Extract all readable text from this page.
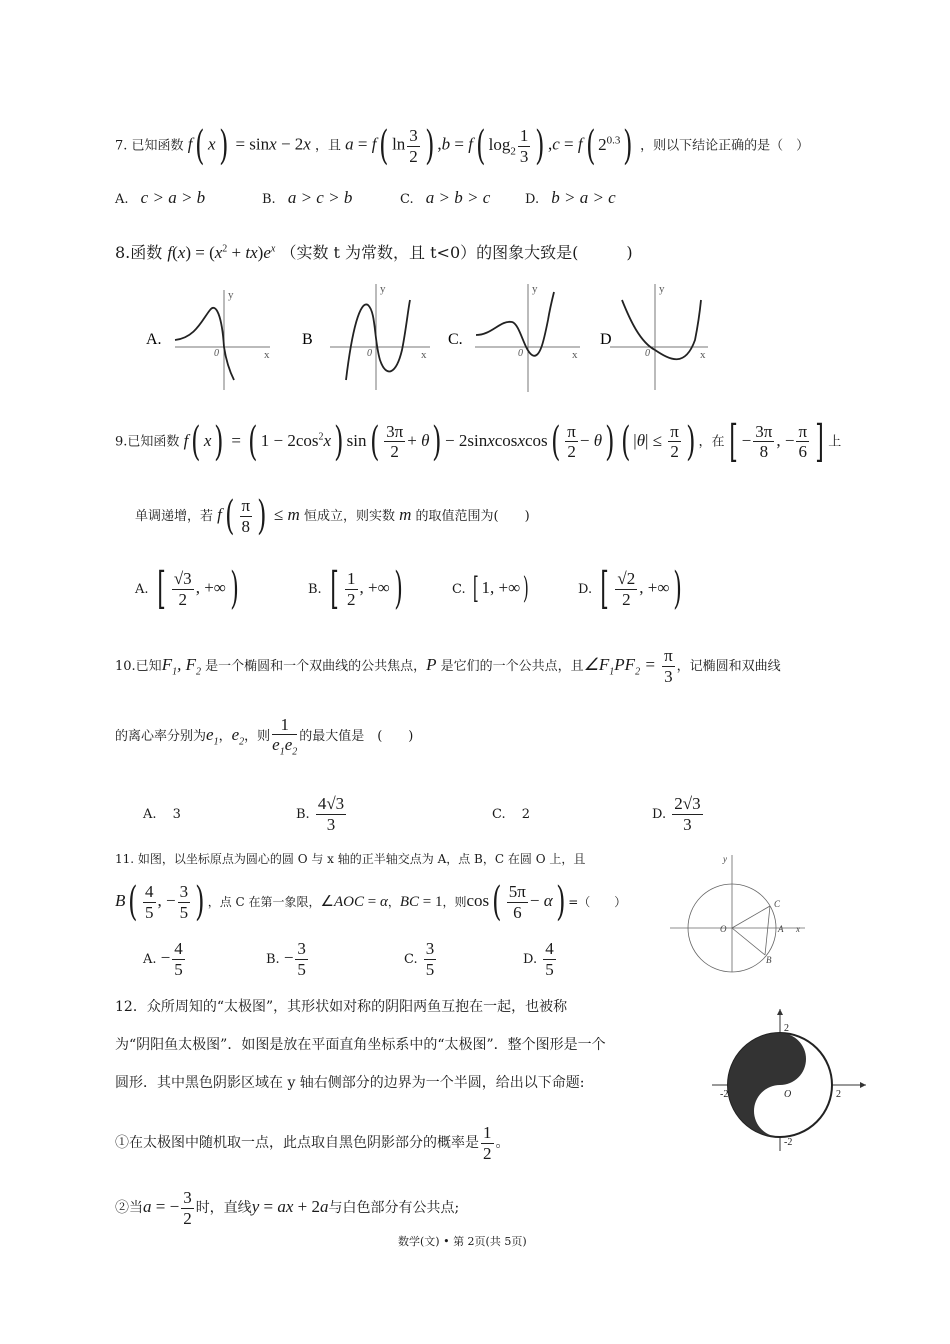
7. 已知函数 f( x) = sinx − 2x ，且 a = f( $\ln \frac{3}{2}$ ) ,b = f( $\log_2 \frac{1}{3}$ ) ,c = f( $2^{0.3}$) ，则以下结论正确的是（　）
A. c > a > b	B. a > c > b	C. a > b > c	D. b > a > c
8.函数 $f(x) = (x^2 + tx)e^x$ （实数 t 为常数，且 t<0）的图象大致是(　　　)
A.
x
y
0
B
x
y
0
C.
x
y
0
D
x
y
0
9.已知函数 f( x) = ( $1 - 2\cos^2x$) $\sin( \frac{3\pi}{2} + \theta)$ − 2sinxcosxcos( $\frac{\pi}{2} - \theta$) ( $|\theta| \le \frac{\pi}{2}$ ) ，在[ − $\frac{3\pi}{8}$ , − $\frac{\pi}{6}$ ] 上
单调递增，若 $f( \frac{\pi}{8}$ ) ≤ m 恒成立，则实数 m 的取值范围为(　　)
A. [ $\frac{√3}{2}$ , +∞)	B. [ $\frac{1}{2}$ , +∞)	C. [ 1, +∞)	D. [ $\frac{√2}{2}$ , +∞)
10.已知$F_1$, $F_2$ 是一个椭圆和一个双曲线的公共焦点，P 是它们的一个公共点，且$\angle F_1PF_2 = \frac{\pi}{3}$ ，记椭圆和双曲线
的离心率分别为$e_1$，$e_2$，则 $\frac{1}{e_1e_2}$ 的最大值是　(　　)
A. 3	B. $\frac{4√3}{3}$	C. 2	D. $\frac{2√3}{3}$
11. 如图，以坐标原点为圆心的圆 O 与 x 轴的正半轴交点为 A，点 B，C 在圆 O 上，且
$B( \frac{4}{5}$ , − $\frac{3}{5}$ ) ，点 C 在第一象限，∠AOC = α，BC = 1，则$\cos( \frac{5\pi}{6} - \alpha)$ =（　　）
A. − $\frac{4}{5}$	B. − $\frac{3}{5}$	C. $\frac{3}{5}$	D. $\frac{4}{5}$
x
y
O
C
A
B
12．众所周知的“太极图”，其形状如对称的阴阳两鱼互抱在一起，也被称
为“阴阳鱼太极图”．如图是放在平面直角坐标系中的“太极图”．整个图形是一个
圆形．其中黑色阴影区域在 y 轴右侧部分的边界为一个半圆，给出以下命题:
①在太极图中随机取一点，此点取自黑色阴影部分的概率是 $\frac{1}{2}$ 。
②当a = − $\frac{3}{2}$ 时，直线y = ax + 2a与白色部分有公共点;
2
-2
-2	2
O
数学(文) • 第 2页(共 5页)
